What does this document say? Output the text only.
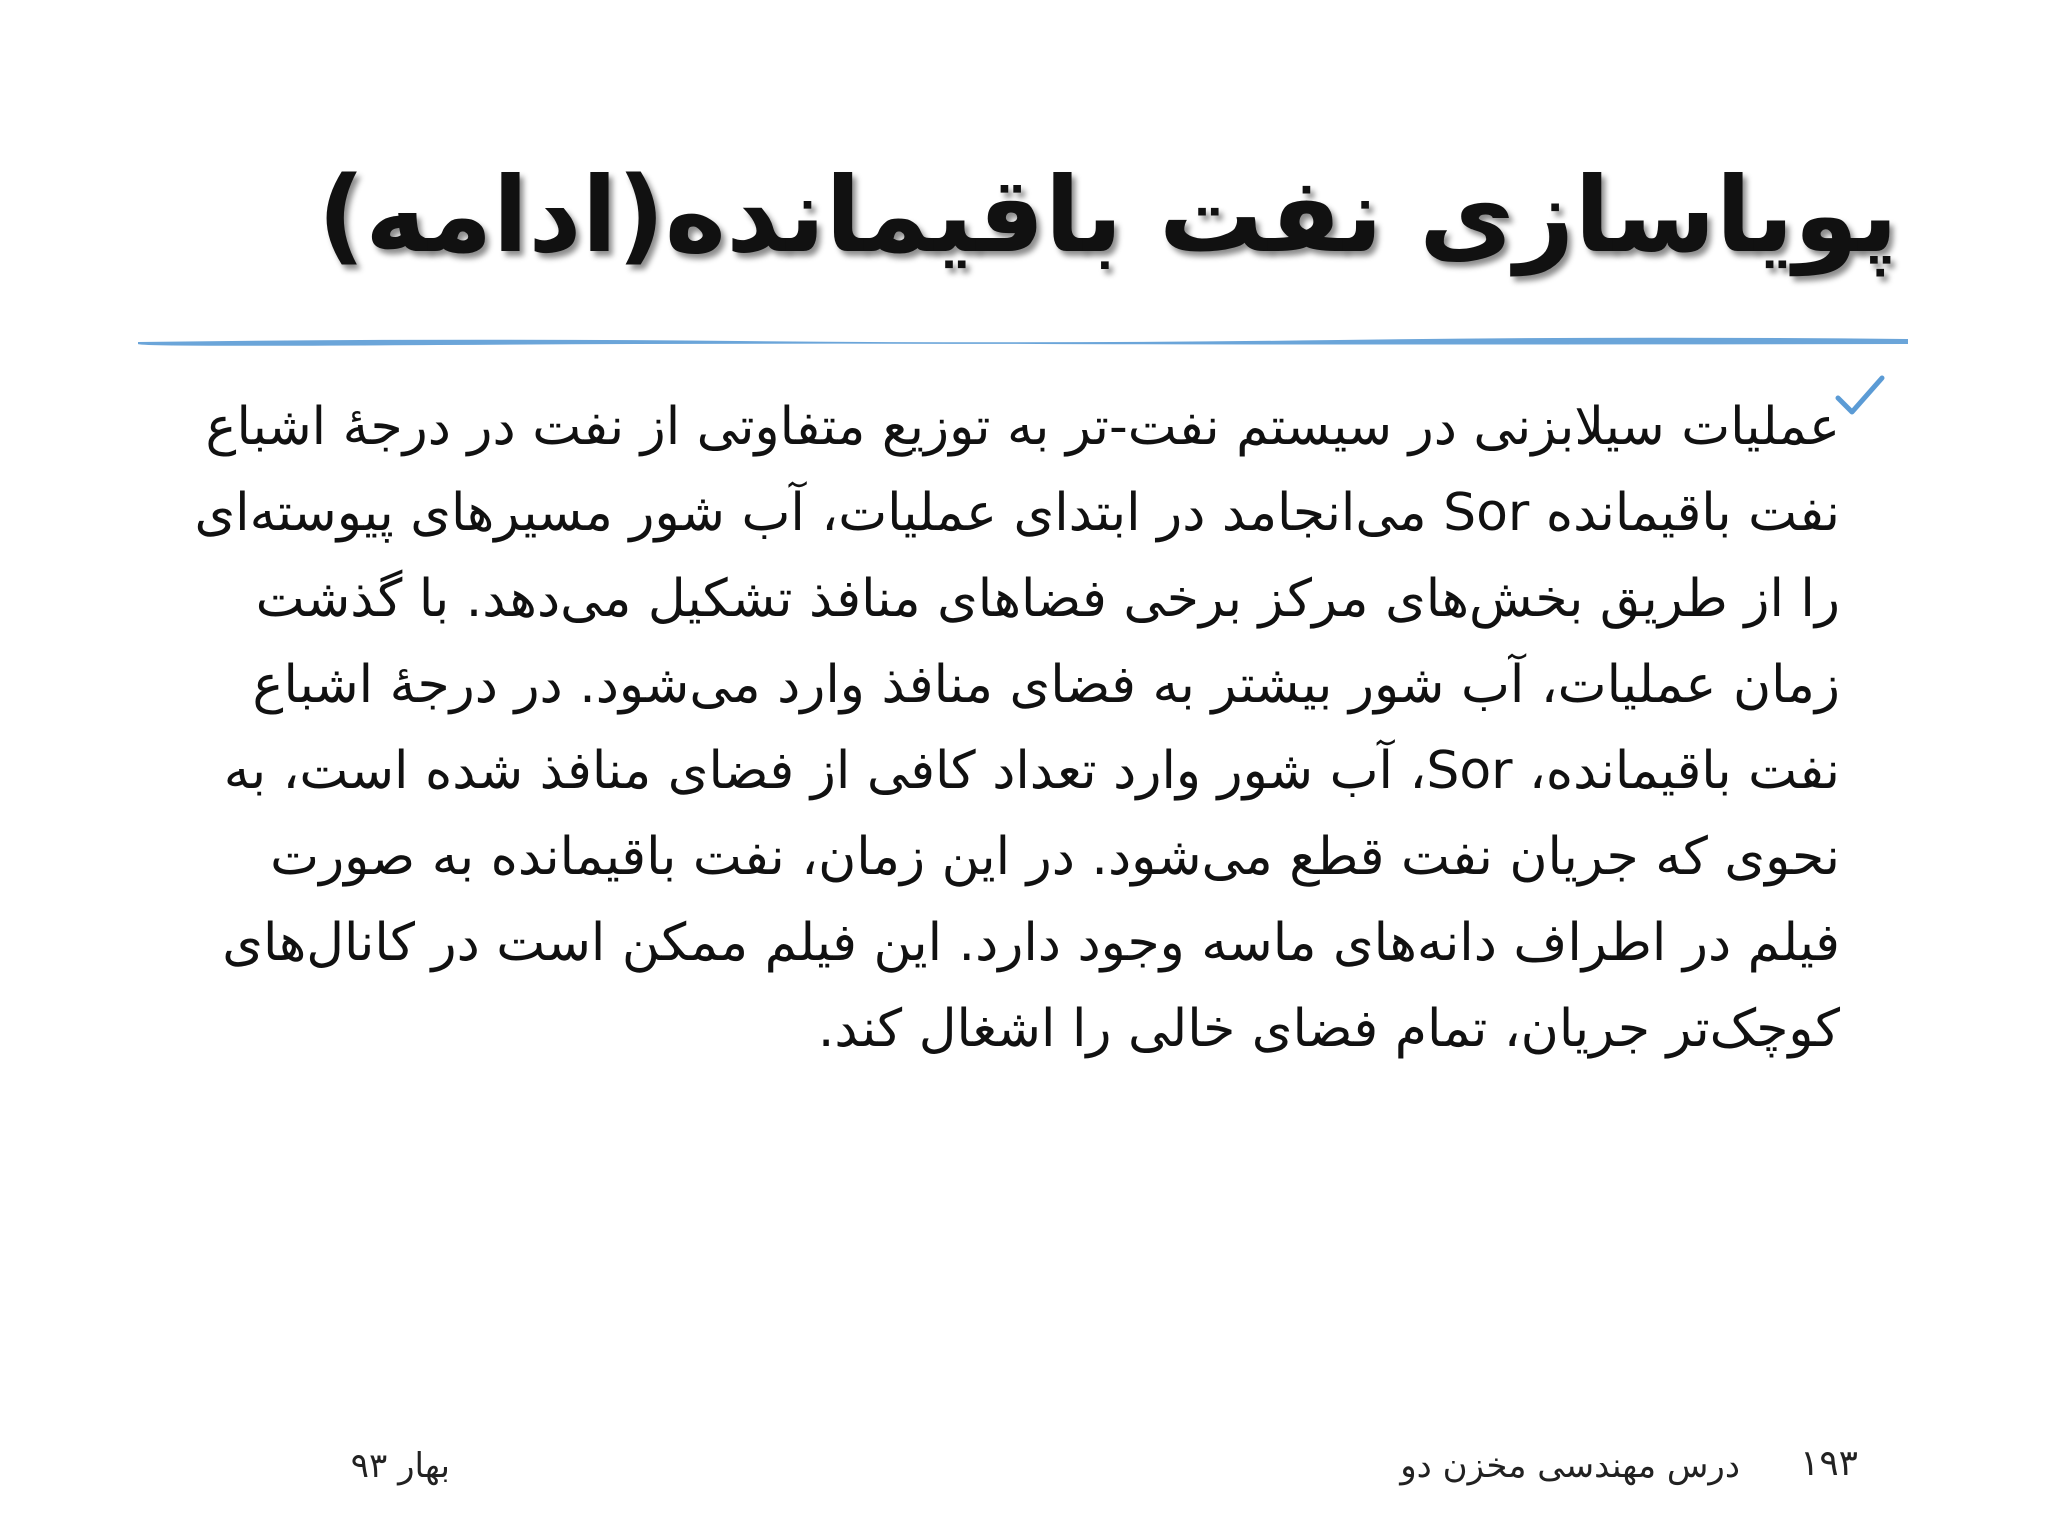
پویاسازی نفت باقیمانده(ادامه)

عملیات سیلابزنی در سیستم نفت-تر به توزیع متفاوتی از نفت در درجهٔ اشباع نفت باقیمانده Sor می‌انجامد در ابتدای عملیات، آب شور مسیرهای پیوسته‌ای را از طریق بخش‌های مرکز برخی فضاهای منافذ تشکیل می‌دهد. با گذشت زمان عملیات، آب شور بیشتر به فضای منافذ وارد می‌شود. در درجهٔ اشباع نفت باقیمانده، Sor، آب شور وارد تعداد کافی از فضای منافذ شده است، به نحوی که جریان نفت قطع می‌شود. در این زمان، نفت باقیمانده به صورت فیلم در اطراف دانه‌های ماسه وجود دارد. این فیلم ممکن است در کانال‌های کوچک‌تر جریان، تمام فضای خالی را اشغال کند.

۱۹۳
درس مهندسی مخزن دو
بهار ۹۳
